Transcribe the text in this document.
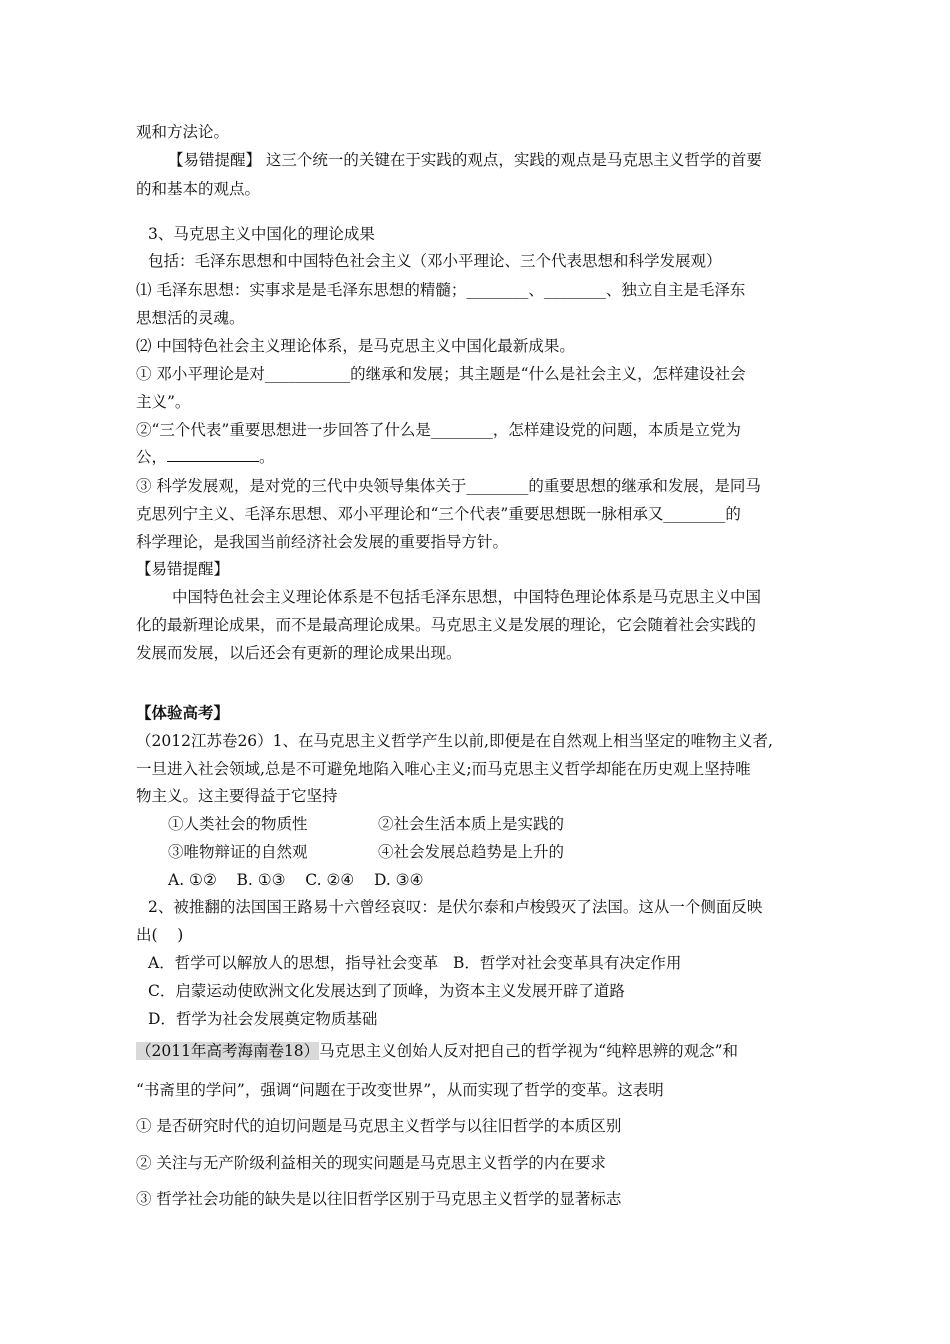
观和方法论。
【易错提醒】 这三个统一的关键在于实践的观点，实践的观点是马克思主义哲学的首要
的和基本的观点。
3、马克思主义中国化的理论成果
包括：毛泽东思想和中国特色社会主义（邓小平理论、三个代表思想和科学发展观）
⑴ 毛泽东思想：实事求是是毛泽东思想的精髓；________、________、独立自主是毛泽东
思想活的灵魂。
⑵ 中国特色社会主义理论体系，是马克思主义中国化最新成果。
① 邓小平理论是对___________的继承和发展；其主题是“什么是社会主义，怎样建设社会
主义”。
②“三个代表”重要思想进一步回答了什么是________，怎样建设党的问题，本质是立党为
公，	。
③ 科学发展观，是对党的三代中央领导集体关于________的重要思想的继承和发展，是同马
克思列宁主义、毛泽东思想、邓小平理论和“三个代表”重要思想既一脉相承又________的
科学理论，是我国当前经济社会发展的重要指导方针。
【易错提醒】
中国特色社会主义理论体系是不包括毛泽东思想，中国特色理论体系是马克思主义中国
化的最新理论成果，而不是最高理论成果。马克思主义是发展的理论，它会随着社会实践的
发展而发展，以后还会有更新的理论成果出现。
【体验高考】
（2012江苏卷26）1、在马克思主义哲学产生以前,即便是在自然观上相当坚定的唯物主义者,
一旦进入社会领域,总是不可避免地陷入唯心主义;而马克思主义哲学却能在历史观上坚持唯
物主义。这主要得益于它坚持
①人类社会的物质性	②社会生活本质上是实践的
③唯物辩证的自然观	④社会发展总趋势是上升的
A. ①②    B. ①③    C. ②④    D. ③④
2、被推翻的法国国王路易十六曾经哀叹：是伏尔泰和卢梭毁灭了法国。这从一个侧面反映
出(    )
A．哲学可以解放人的思想，指导社会变革   B．哲学对社会变革具有决定作用
C．启蒙运动使欧洲文化发展达到了顶峰，为资本主义发展开辟了道路
D．哲学为社会发展奠定物质基础
（2011年高考海南卷18）马克思主义创始人反对把自己的哲学视为“纯粹思辨的观念”和
“书斋里的学问”，强调“问题在于改变世界”，从而实现了哲学的变革。这表明
① 是否研究时代的迫切问题是马克思主义哲学与以往旧哲学的本质区别
② 关注与无产阶级利益相关的现实问题是马克思主义哲学的内在要求
③ 哲学社会功能的缺失是以往旧哲学区别于马克思主义哲学的显著标志
